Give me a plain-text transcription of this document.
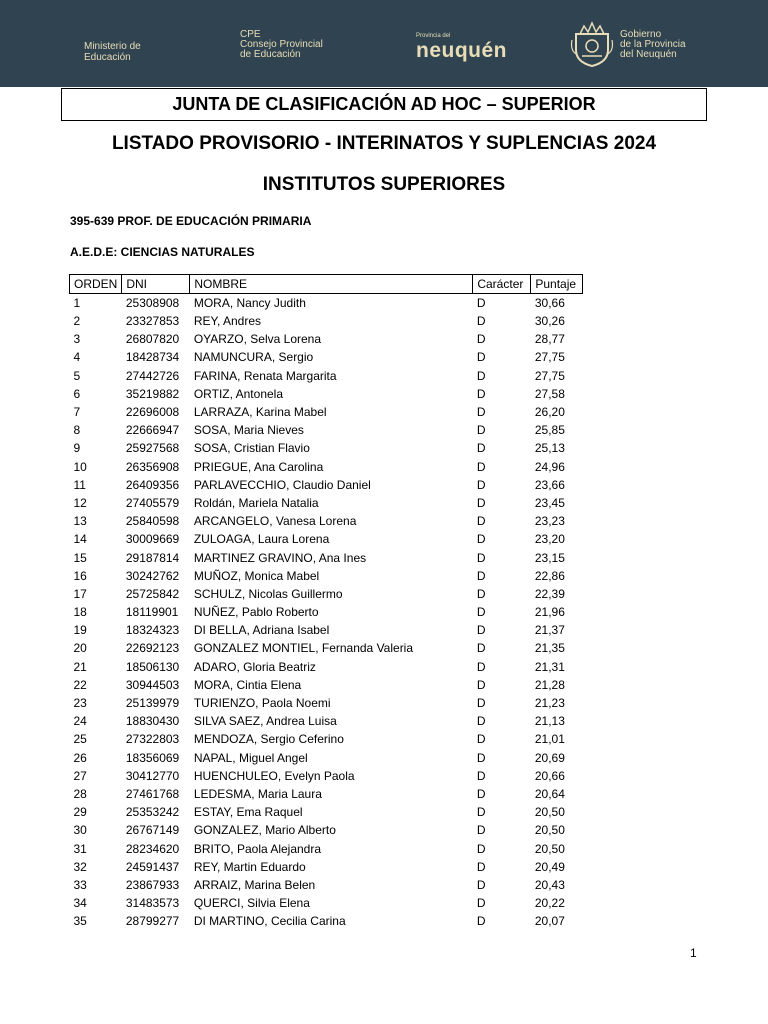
Ministerio de
Educación
CPE
Consejo Provincial
de Educación
Provincia del
neuquén
Gobierno
de la Provincia
del Neuquén
JUNTA DE CLASIFICACIÓN AD HOC – SUPERIOR
LISTADO PROVISORIO - INTERINATOS Y SUPLENCIAS 2024
INSTITUTOS SUPERIORES
395-639 PROF. DE EDUCACIÓN PRIMARIA
A.E.D.E: CIENCIAS NATURALES
ORDEN	DNI	NOMBRE	Carácter	Puntaje
1	25308908	MORA, Nancy Judith	D	30,66
2	23327853	REY, Andres	D	30,26
3	26807820	OYARZO, Selva Lorena	D	28,77
4	18428734	NAMUNCURA, Sergio	D	27,75
5	27442726	FARINA, Renata Margarita	D	27,75
6	35219882	ORTIZ, Antonela	D	27,58
7	22696008	LARRAZA, Karina Mabel	D	26,20
8	22666947	SOSA, Maria Nieves	D	25,85
9	25927568	SOSA, Cristian Flavio	D	25,13
10	26356908	PRIEGUE, Ana Carolina	D	24,96
11	26409356	PARLAVECCHIO, Claudio Daniel	D	23,66
12	27405579	Roldán, Mariela Natalia	D	23,45
13	25840598	ARCANGELO, Vanesa Lorena	D	23,23
14	30009669	ZULOAGA, Laura Lorena	D	23,20
15	29187814	MARTINEZ GRAVINO, Ana Ines	D	23,15
16	30242762	MUÑOZ, Monica Mabel	D	22,86
17	25725842	SCHULZ, Nicolas Guillermo	D	22,39
18	18119901	NUÑEZ, Pablo Roberto	D	21,96
19	18324323	DI BELLA, Adriana Isabel	D	21,37
20	22692123	GONZALEZ MONTIEL, Fernanda Valeria	D	21,35
21	18506130	ADARO, Gloria Beatriz	D	21,31
22	30944503	MORA, Cintia Elena	D	21,28
23	25139979	TURIENZO, Paola Noemi	D	21,23
24	18830430	SILVA SAEZ, Andrea Luisa	D	21,13
25	27322803	MENDOZA, Sergio Ceferino	D	21,01
26	18356069	NAPAL, Miguel Angel	D	20,69
27	30412770	HUENCHULEO, Evelyn Paola	D	20,66
28	27461768	LEDESMA, Maria Laura	D	20,64
29	25353242	ESTAY, Ema Raquel	D	20,50
30	26767149	GONZALEZ, Mario Alberto	D	20,50
31	28234620	BRITO, Paola Alejandra	D	20,50
32	24591437	REY, Martin Eduardo	D	20,49
33	23867933	ARRAIZ, Marina Belen	D	20,43
34	31483573	QUERCI, Silvia Elena	D	20,22
35	28799277	DI MARTINO, Cecilia Carina	D	20,07
1
